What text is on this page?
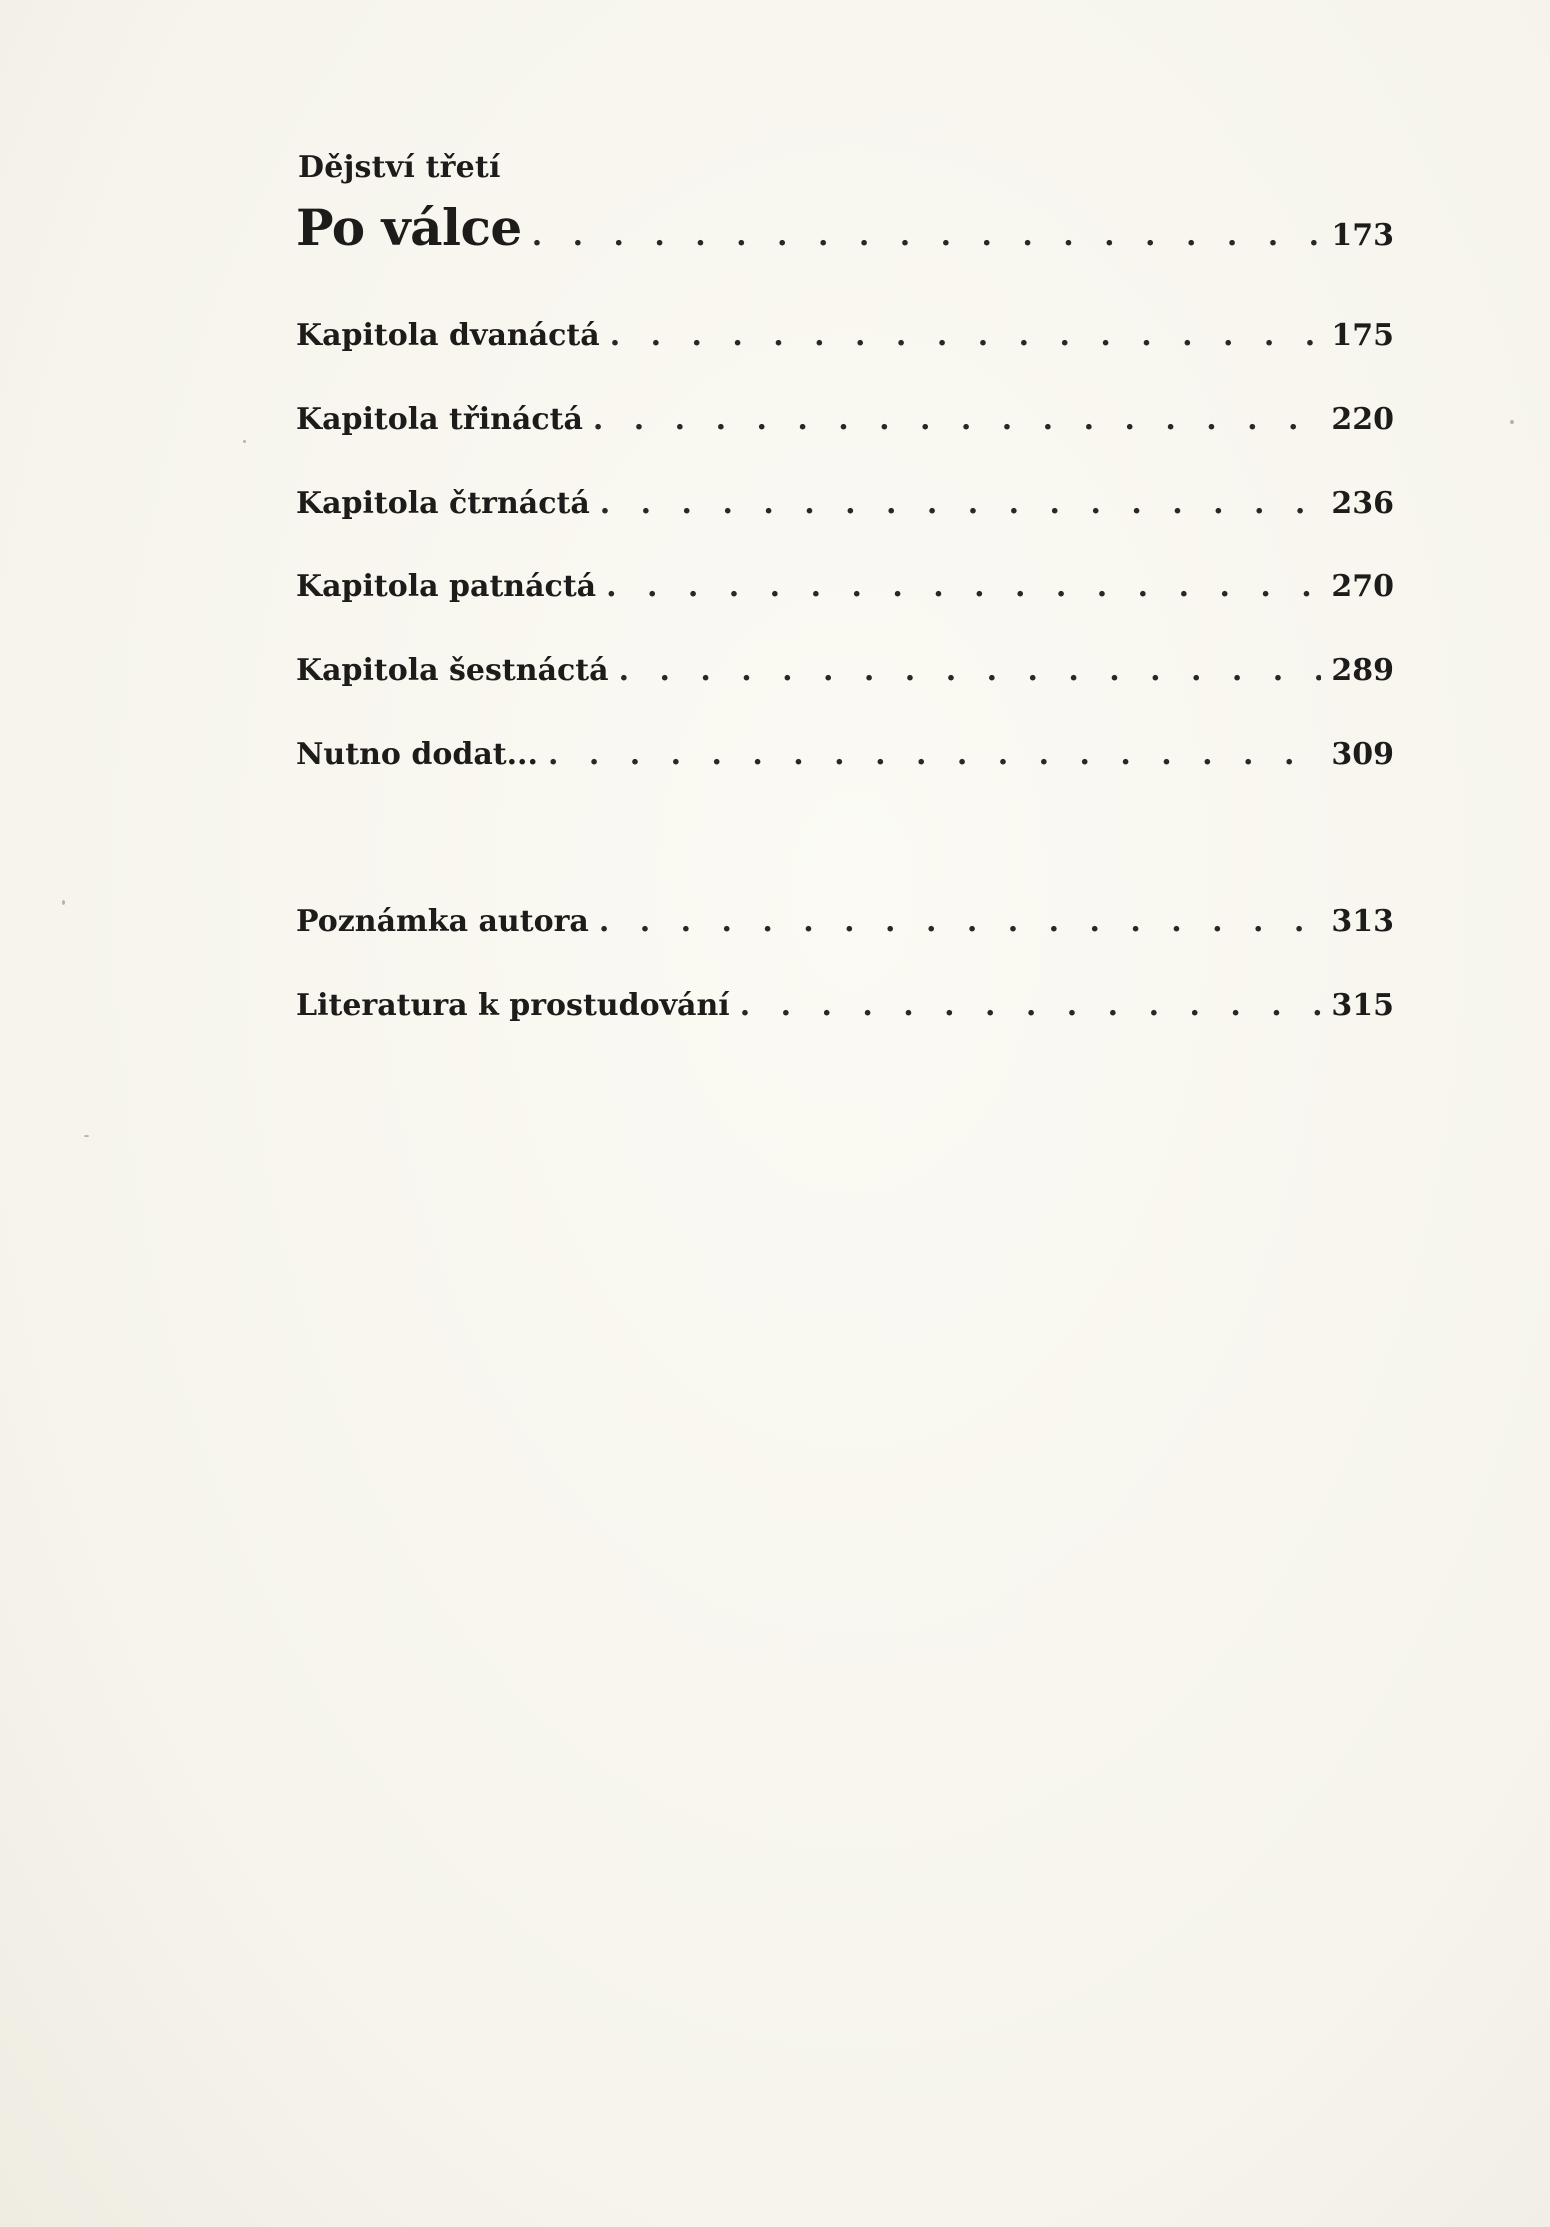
Dějství třetí
Po válce . . .	173
Kapitola dvanáctá . . .	175
Kapitola třináctá . . .	220
Kapitola čtrnáctá . . .	236
Kapitola patnáctá . . .	270
Kapitola šestnáctá . . .	289
Nutno dodat... . . .	309
Poznámka autora . . .	313
Literatura k prostudování . . .	315
